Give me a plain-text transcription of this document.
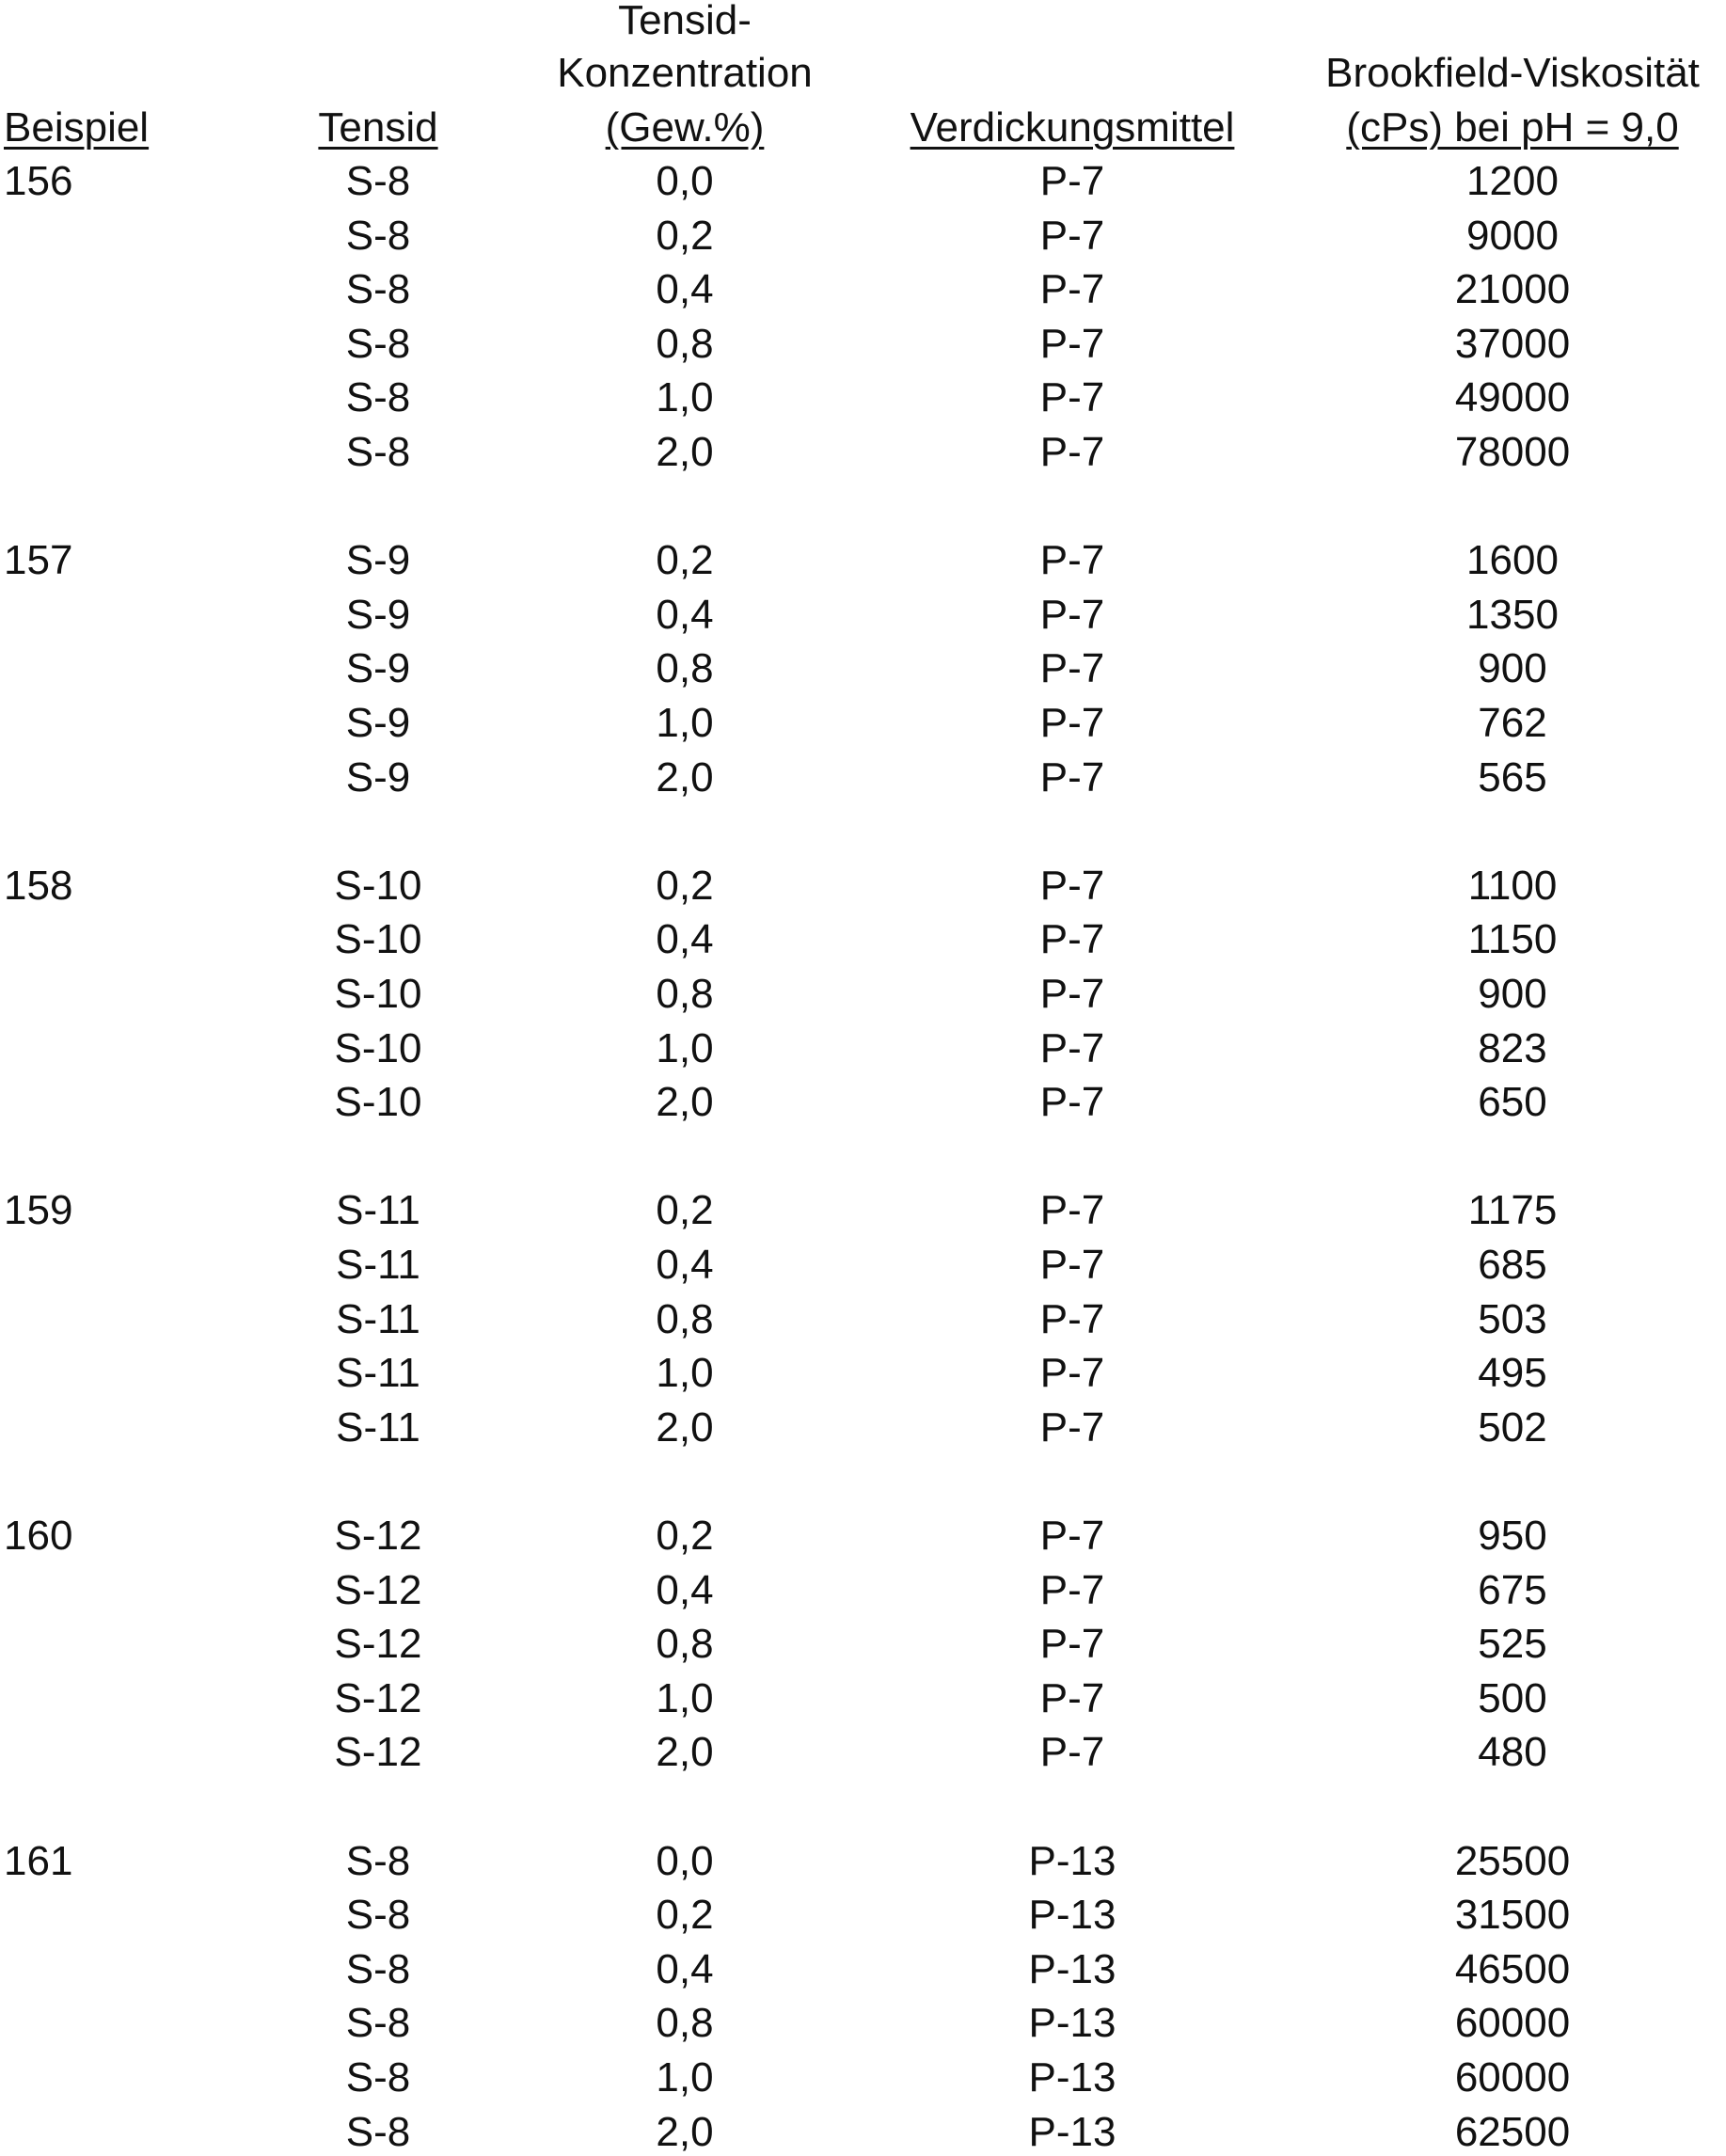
Tensid-
Konzentration	Brookfield-Viskosität
Beispiel	Tensid	(Gew.%)	Verdickungsmittel	(cPs) bei pH = 9,0
156	S-8	0,0	P-7	1200
S-8	0,2	P-7	9000
S-8	0,4	P-7	21000
S-8	0,8	P-7	37000
S-8	1,0	P-7	49000
S-8	2,0	P-7	78000
157	S-9	0,2	P-7	1600
S-9	0,4	P-7	1350
S-9	0,8	P-7	900
S-9	1,0	P-7	762
S-9	2,0	P-7	565
158	S-10	0,2	P-7	1100
S-10	0,4	P-7	1150
S-10	0,8	P-7	900
S-10	1,0	P-7	823
S-10	2,0	P-7	650
159	S-11	0,2	P-7	1175
S-11	0,4	P-7	685
S-11	0,8	P-7	503
S-11	1,0	P-7	495
S-11	2,0	P-7	502
160	S-12	0,2	P-7	950
S-12	0,4	P-7	675
S-12	0,8	P-7	525
S-12	1,0	P-7	500
S-12	2,0	P-7	480
161	S-8	0,0	P-13	25500
S-8	0,2	P-13	31500
S-8	0,4	P-13	46500
S-8	0,8	P-13	60000
S-8	1,0	P-13	60000
S-8	2,0	P-13	62500
